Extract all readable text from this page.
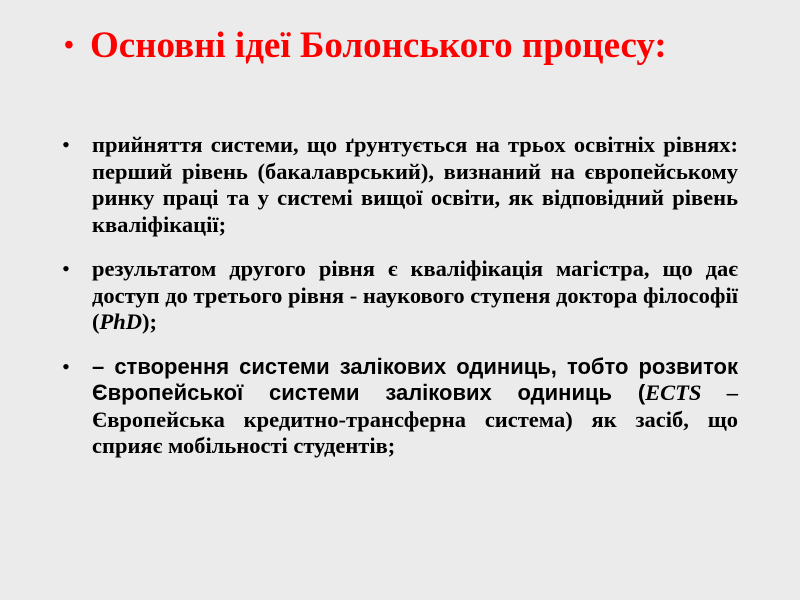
• Основні ідеї Болонського процесу:
• прийняття системи, що ґрунтується на трьох освітніх рівнях: перший рівень (бакалаврський), визнаний на європейському ринку праці та у системі вищої освіти, як відповідний рівень кваліфікації;
• результатом другого рівня є кваліфікація магістра, що дає доступ до третього рівня - наукового ступеня доктора філософії (PhD);
•	– створення системи залікових одиниць, тобто розвиток Європейської системи залікових одиниць (ECTS – Європейська кредитно-трансферна система) як засіб, що сприяє мобільності студентів;
